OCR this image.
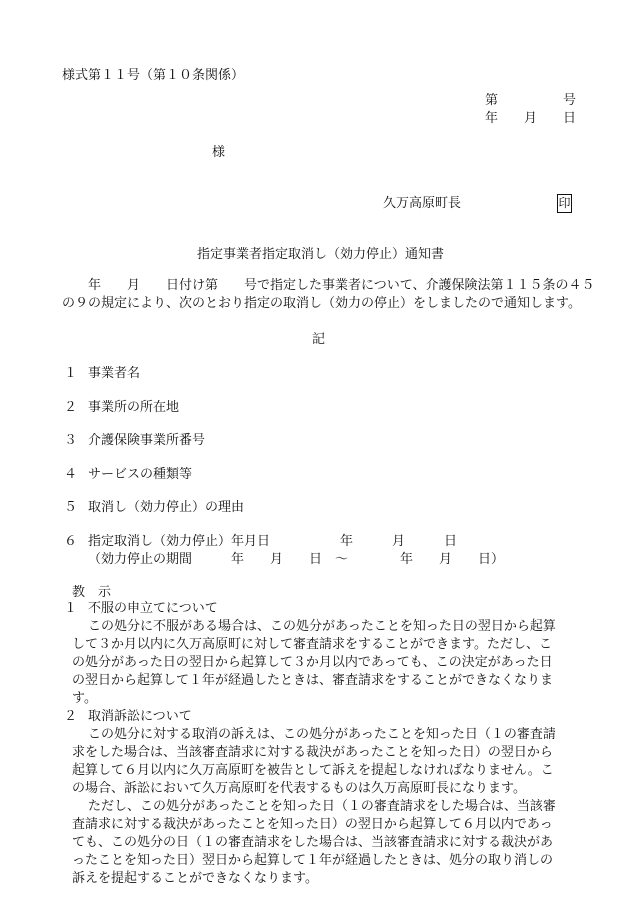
様式第１１号（第１０条関係）
第　　　　　号
年　　月　　日
様
久万高原町長	印
指定事業者指定取消し（効力停止）通知書
年　　月　　日付け第　　号で指定した事業者について、介護保険法第１１５条の４５
の９の規定により、次のとおり指定の取消し（効力の停止）をしましたので通知します。
記
１ 事業者名
２ 事業所の所在地
３ 介護保険事業所番号
４ サービスの種類等
５ 取消し（効力停止）の理由
６ 指定取消し（効力停止）年月日	年　　　月　　　日
（効力停止の期間　　　年　　月　　日　～　　　　年　　月　　日）
教　示
１ 不服の申立てについて
この処分に不服がある場合は、この処分があったことを知った日の翌日から起算
して３か月以内に久万高原町に対して審査請求をすることができます。ただし、こ
の処分があった日の翌日から起算して３か月以内であっても、この決定があった日
の翌日から起算して１年が経過したときは、審査請求をすることができなくなりま
す。
２ 取消訴訟について
この処分に対する取消の訴えは、この処分があったことを知った日（１の審査請
求をした場合は、当該審査請求に対する裁決があったことを知った日）の翌日から
起算して６月以内に久万高原町を被告として訴えを提起しなければなりません。こ
の場合、訴訟において久万高原町を代表するものは久万高原町長になります。
ただし、この処分があったことを知った日（１の審査請求をした場合は、当該審
査請求に対する裁決があったことを知った日）の翌日から起算して６月以内であっ
ても、この処分の日（１の審査請求をした場合は、当該審査請求に対する裁決があ
ったことを知った日）翌日から起算して１年が経過したときは、処分の取り消しの
訴えを提起することができなくなります。
